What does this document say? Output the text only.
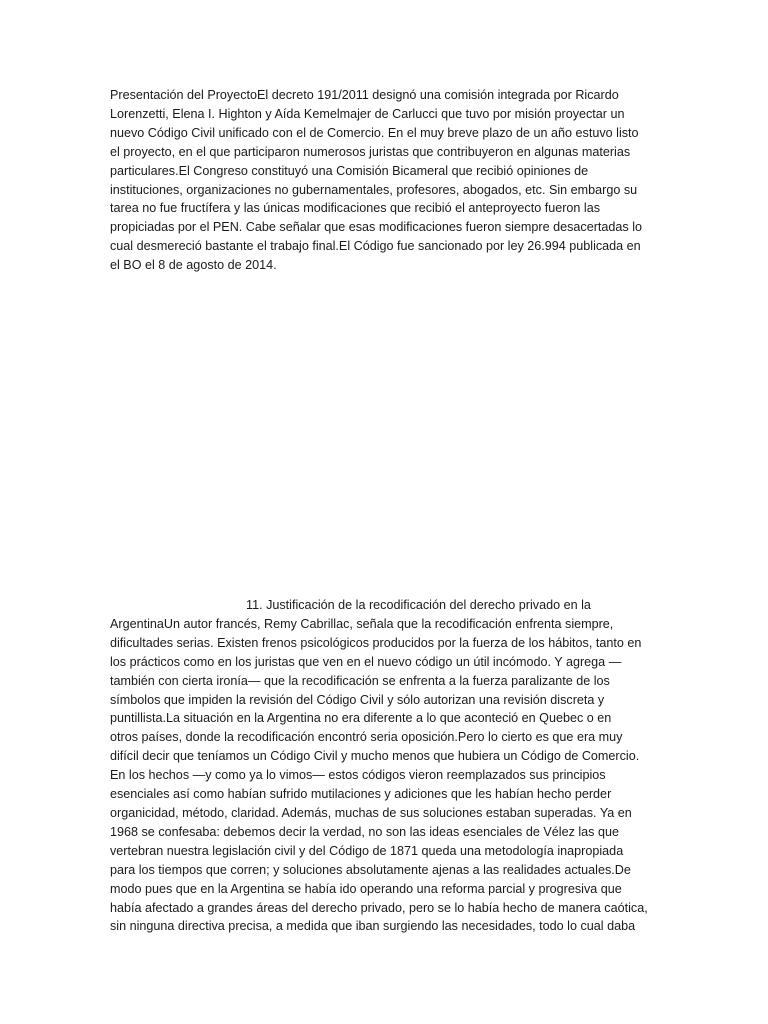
Presentación del ProyectoEl decreto 191/2011 designó una comisión integrada por Ricardo
Lorenzetti, Elena I. Highton y Aída Kemelmajer de Carlucci que tuvo por misión proyectar un
nuevo Código Civil unificado con el de Comercio. En el muy breve plazo de un año estuvo listo
el proyecto, en el que participaron numerosos juristas que contribuyeron en algunas materias
particulares.El Congreso constituyó una Comisión Bicameral que recibió opiniones de
instituciones, organizaciones no gubernamentales, profesores, abogados, etc. Sin embargo su
tarea no fue fructífera y las únicas modificaciones que recibió el anteproyecto fueron las
propiciadas por el PEN. Cabe señalar que esas modificaciones fueron siempre desacertadas lo
cual desmereció bastante el trabajo final.El Código fue sancionado por ley 26.994 publicada en
el BO el 8 de agosto de 2014.
11. Justificación de la recodificación del derecho privado en la
ArgentinaUn autor francés, Remy Cabrillac, señala que la recodificación enfrenta siempre,
dificultades serias. Existen frenos psicológicos producidos por la fuerza de los hábitos, tanto en
los prácticos como en los juristas que ven en el nuevo código un útil incómodo. Y agrega —
también con cierta ironía— que la recodificación se enfrenta a la fuerza paralizante de los
símbolos que impiden la revisión del Código Civil y sólo autorizan una revisión discreta y
puntillista.La situación en la Argentina no era diferente a lo que aconteció en Quebec o en
otros países, donde la recodificación encontró seria oposición.Pero lo cierto es que era muy
difícil decir que teníamos un Código Civil y mucho menos que hubiera un Código de Comercio.
En los hechos —y como ya lo vimos— estos códigos vieron reemplazados sus principios
esenciales así como habían sufrido mutilaciones y adiciones que les habían hecho perder
organicidad, método, claridad. Además, muchas de sus soluciones estaban superadas. Ya en
1968 se confesaba: debemos decir la verdad, no son las ideas esenciales de Vélez las que
vertebran nuestra legislación civil y del Código de 1871 queda una metodología inapropiada
para los tiempos que corren; y soluciones absolutamente ajenas a las realidades actuales.De
modo pues que en la Argentina se había ido operando una reforma parcial y progresiva que
había afectado a grandes áreas del derecho privado, pero se lo había hecho de manera caótica,
sin ninguna directiva precisa, a medida que iban surgiendo las necesidades, todo lo cual daba
